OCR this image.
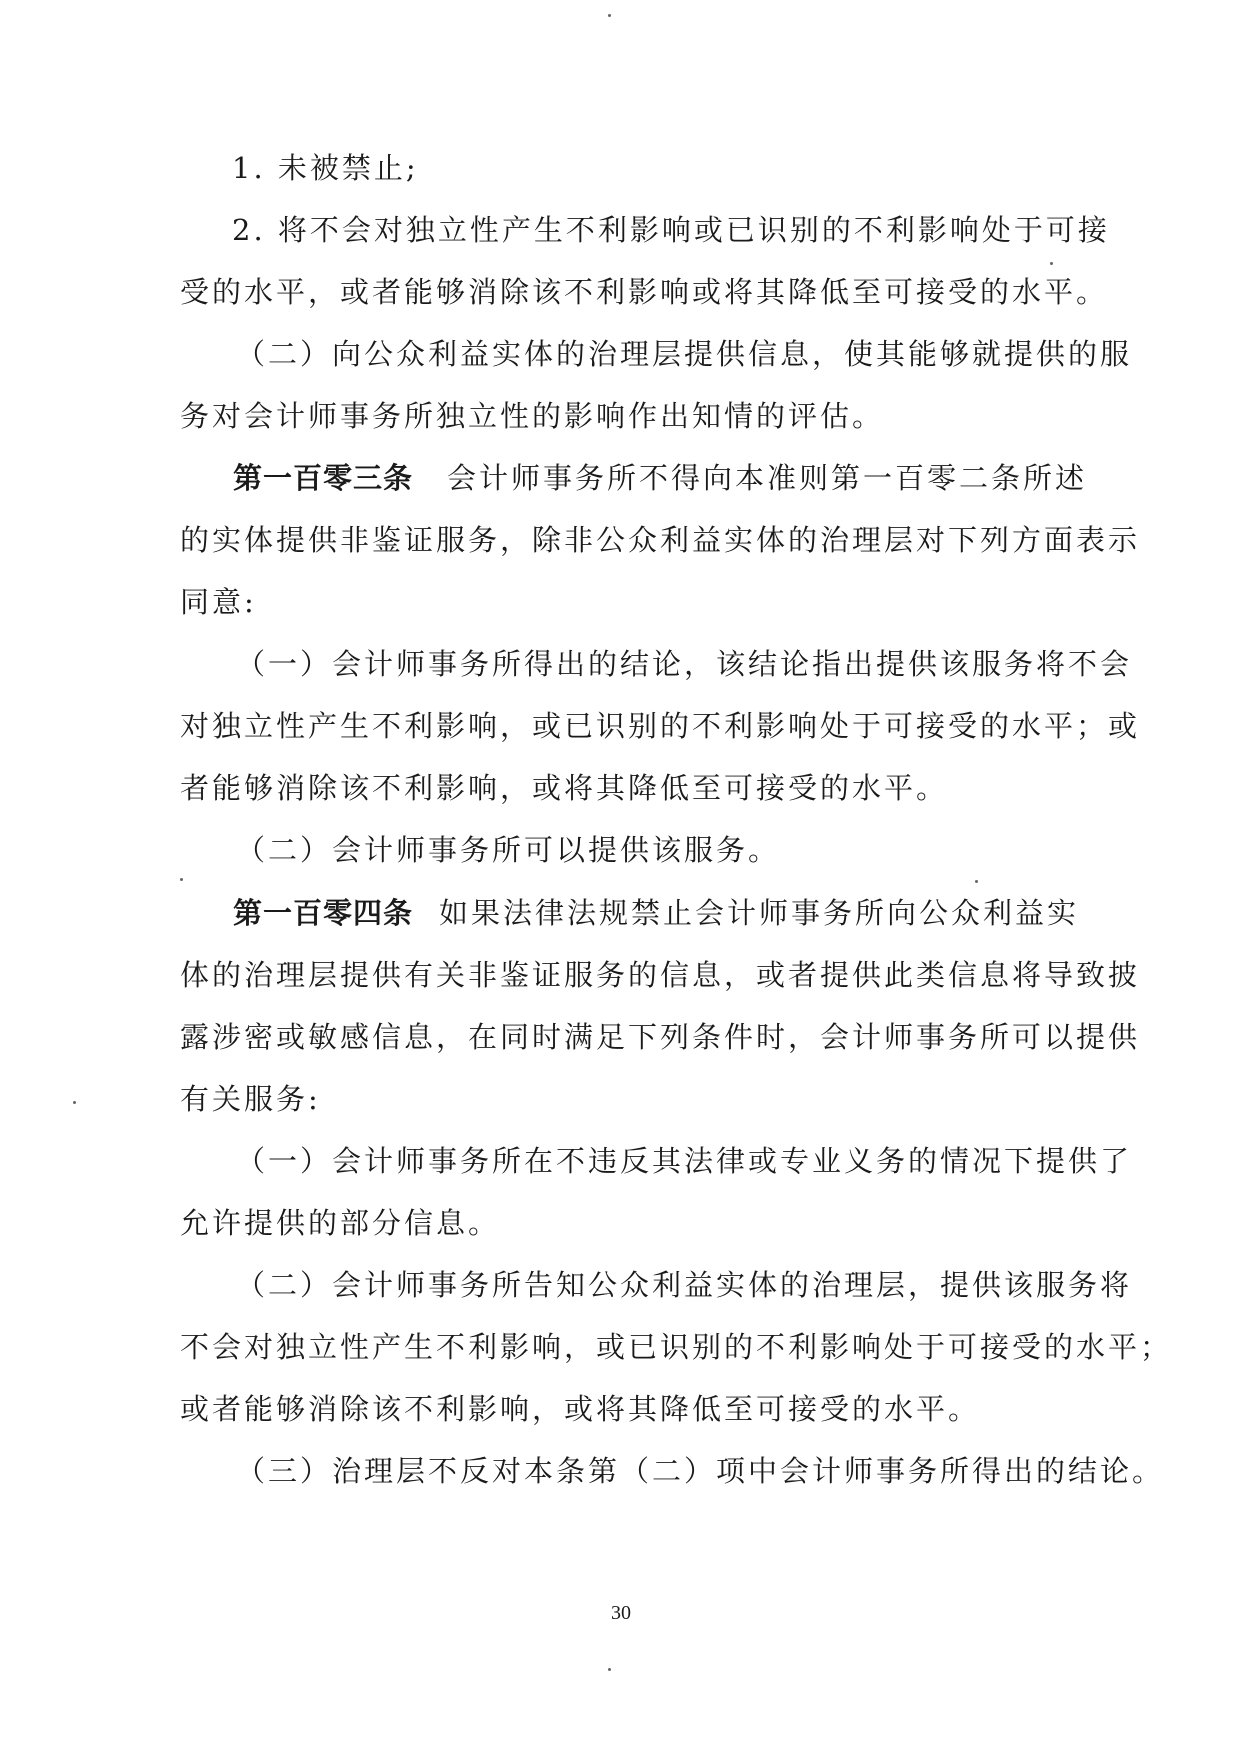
1. 未被禁止;
2. 将不会对独立性产生不利影响或已识别的不利影响处于可接
受的水平，或者能够消除该不利影响或将其降低至可接受的水平。
（二）向公众利益实体的治理层提供信息，使其能够就提供的服
务对会计师事务所独立性的影响作出知情的评估。
第一百零三条 会计师事务所不得向本准则第一百零二条所述
的实体提供非鉴证服务，除非公众利益实体的治理层对下列方面表示
同意:
（一）会计师事务所得出的结论，该结论指出提供该服务将不会
对独立性产生不利影响，或已识别的不利影响处于可接受的水平；或
者能够消除该不利影响，或将其降低至可接受的水平。
（二）会计师事务所可以提供该服务。
第一百零四条 如果法律法规禁止会计师事务所向公众利益实
体的治理层提供有关非鉴证服务的信息，或者提供此类信息将导致披
露涉密或敏感信息，在同时满足下列条件时，会计师事务所可以提供
有关服务:
（一）会计师事务所在不违反其法律或专业义务的情况下提供了
允许提供的部分信息。
（二）会计师事务所告知公众利益实体的治理层，提供该服务将
不会对独立性产生不利影响，或已识别的不利影响处于可接受的水平；
或者能够消除该不利影响，或将其降低至可接受的水平。
（三）治理层不反对本条第（二）项中会计师事务所得出的结论。
30
